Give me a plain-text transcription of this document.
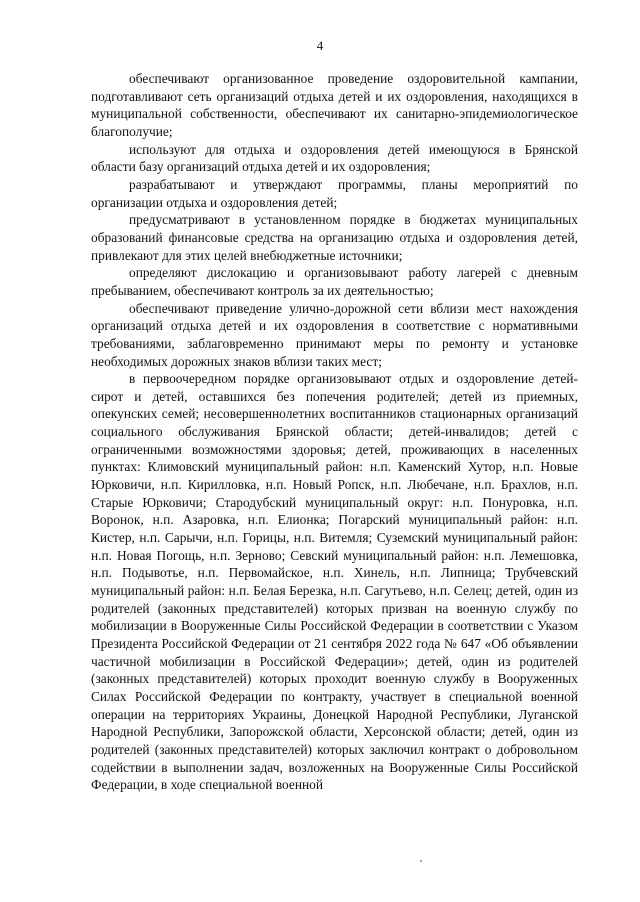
4

обеспечивают организованное проведение оздоровительной кампании, подготавливают сеть организаций отдыха детей и их оздоровления, находящихся в муниципальной собственности, обеспечивают их санитарно-эпидемиологическое благополучие;

используют для отдыха и оздоровления детей имеющуюся в Брянской области базу организаций отдыха детей и их оздоровления;

разрабатывают и утверждают программы, планы мероприятий по организации отдыха и оздоровления детей;

предусматривают в установленном порядке в бюджетах муниципальных образований финансовые средства на организацию отдыха и оздоровления детей, привлекают для этих целей внебюджетные источники;

определяют дислокацию и организовывают работу лагерей с дневным пребыванием, обеспечивают контроль за их деятельностью;

обеспечивают приведение улично-дорожной сети вблизи мест нахождения организаций отдыха детей и их оздоровления в соответствие с нормативными требованиями, заблаговременно принимают меры по ремонту и установке необходимых дорожных знаков вблизи таких мест;

в первоочередном порядке организовывают отдых и оздоровление детей-сирот и детей, оставшихся без попечения родителей; детей из приемных, опекунских семей; несовершеннолетних воспитанников стационарных организаций социального обслуживания Брянской области; детей-инвалидов; детей с ограниченными возможностями здоровья; детей, проживающих в населенных пунктах: Климовский муниципальный район: н.п. Каменский Хутор, н.п. Новые Юрковичи, н.п. Кирилловка, н.п. Новый Ропск, н.п. Любечане, н.п. Брахлов, н.п. Старые Юрковичи; Стародубский муниципальный округ: н.п. Понуровка, н.п. Воронок, н.п. Азаровка, н.п. Елионка; Погарский муниципальный район: н.п. Кистер, н.п. Сарычи, н.п. Горицы, н.п. Витемля; Суземский муниципальный район: н.п. Новая Погощь, н.п. Зерново; Севский муниципальный район: н.п. Лемешовка, н.п. Подывотье, н.п. Первомайское, н.п. Хинель, н.п. Липница; Трубчевский муниципальный район: н.п. Белая Березка, н.п. Сагутьево, н.п. Селец; детей, один из родителей (законных представителей) которых призван на военную службу по мобилизации в Вооруженные Силы Российской Федерации в соответствии с Указом Президента Российской Федерации от 21 сентября 2022 года № 647 «Об объявлении частичной мобилизации в Российской Федерации»; детей, один из родителей (законных представителей) которых проходит военную службу в Вооруженных Силах Российской Федерации по контракту, участвует в специальной военной операции на территориях Украины, Донецкой Народной Республики, Луганской Народной Республики, Запорожской области, Херсонской области; детей, один из родителей (законных представителей) которых заключил контракт о добровольном содействии в выполнении задач, возложенных на Вооруженные Силы Российской Федерации, в ходе специальной военной
